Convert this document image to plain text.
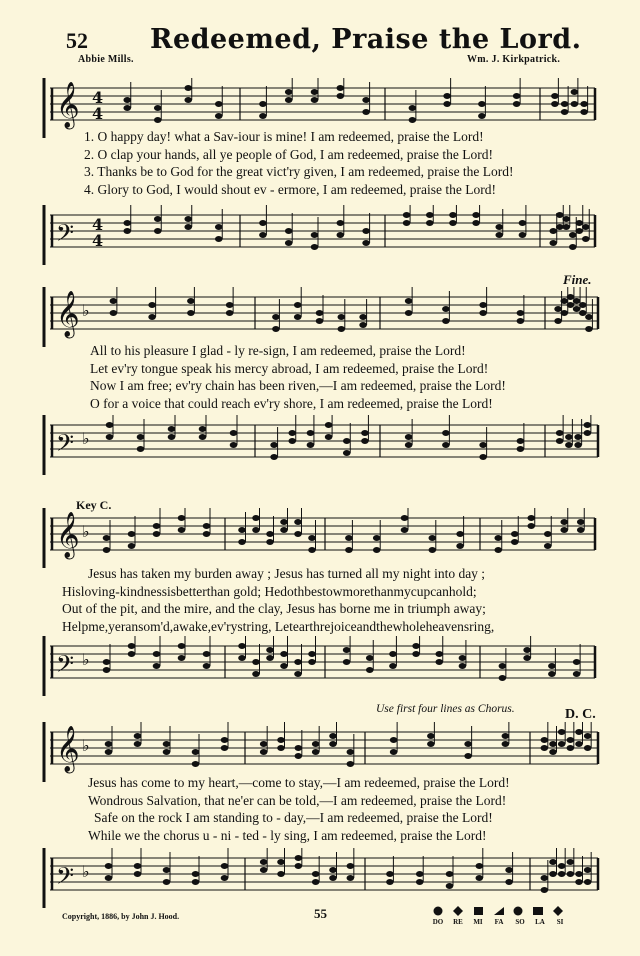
52 Redeemed, Praise the Lord.
Abbie Mills.	Wm. J. Kirkpatrick.
𝄞 4
4
𝄢 4
4
𝄞 ♭
𝄢 ♭
𝄞 ♭
𝄢 ♭
𝄞 ♭
𝄢 ♭
1. O happy day! what a Sav-iour is mine! I am redeemed, praise the Lord!
2. O clap your hands, all ye people of God, I am redeemed, praise the Lord!
3. Thanks be to God for the great vict'ry given, I am redeemed, praise the Lord!
4. Glory to God, I would shout ev - ermore, I am redeemed, praise the Lord!
All to his pleasure I glad - ly re-sign, I am redeemed, praise the Lord!
Let ev'ry tongue speak his mercy abroad, I am redeemed, praise the Lord!
Now I am free; ev'ry chain has been riven,—I am redeemed, praise the Lord!
O for a voice that could reach ev'ry shore, I am redeemed, praise the Lord!
Jesus has taken my burden away ; Jesus has turned all my night into day ;
Hisloving-kindnessisbetterthan gold; Hedothbestowmorethanmycupcanhold;
Out of the pit, and the mire, and the clay, Jesus has borne me in triumph away;
Helpme,yeransom'd,awake,ev'rystring, Letearthrejoiceandthewholeheavensring,
Jesus has come to my heart,—come to stay,—I am redeemed, praise the Lord!
Wondrous Salvation, that ne'er can be told,—I am redeemed, praise the Lord!
Safe on the rock I am standing to - day,—I am redeemed, praise the Lord!
While we the chorus u - ni - ted - ly sing, I am redeemed, praise the Lord!
Fine.
Key C.
Use first four lines as Chorus.	D. C.
Copyright, 1886, by John J. Hood.	55
DO	RE	MI	FA	SO	LA	SI
